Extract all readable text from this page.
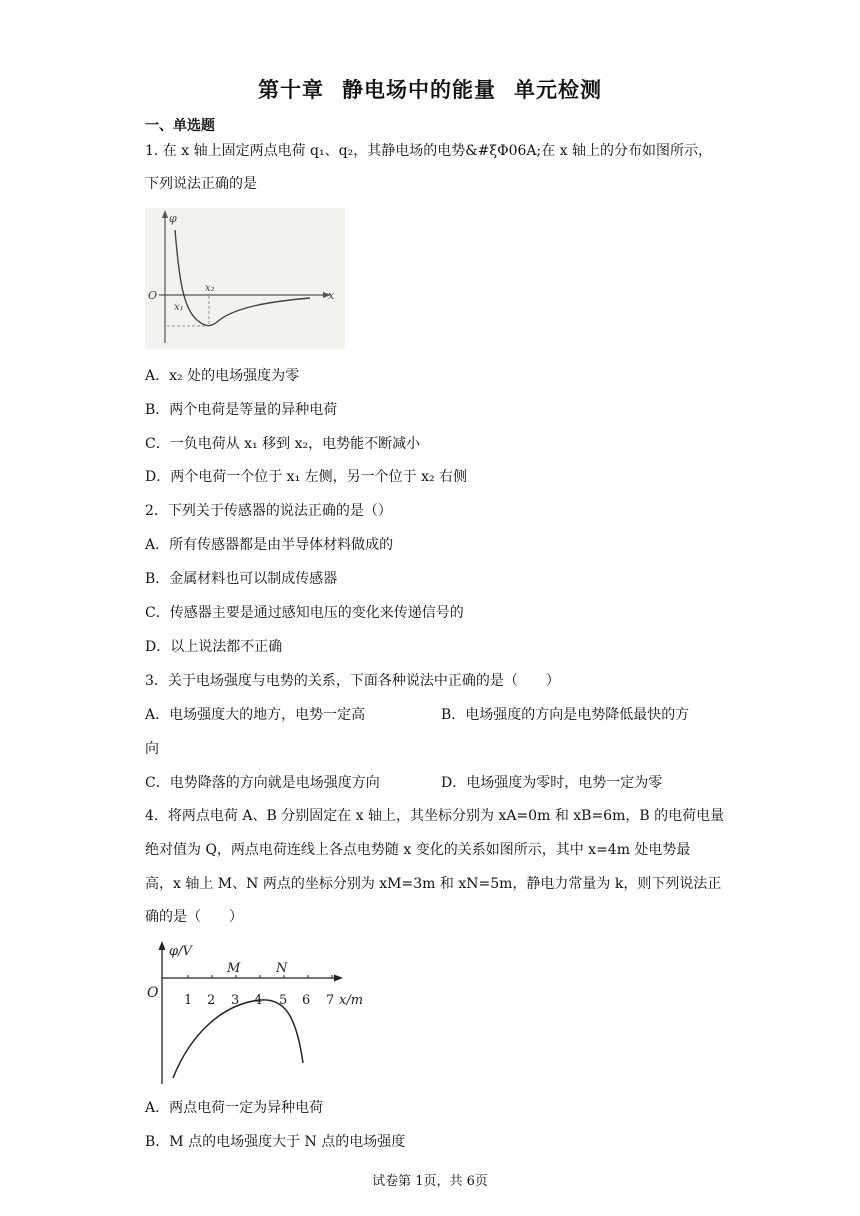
第十章 静电场中的能量 单元检测
一、单选题
1. 在 x 轴上固定两点电荷 q₁、q₂，其静电场的电势&#ξΦ06A;在 x 轴上的分布如图所示，
下列说法正确的是
φ
x
O
x₁
x₂
A．x₂ 处的电场强度为零
B．两个电荷是等量的异种电荷
C．一负电荷从 x₁ 移到 x₂，电势能不断减小
D．两个电荷一个位于 x₁ 左侧，另一个位于 x₂ 右侧
2．下列关于传感器的说法正确的是（）
A．所有传感器都是由半导体材料做成的
B．金属材料也可以制成传感器
C．传感器主要是通过感知电压的变化来传递信号的
D．以上说法都不正确
3．关于电场强度与电势的关系，下面各种说法中正确的是（　　）
A．电场强度大的地方，电势一定高	B．电场强度的方向是电势降低最快的方
向
C．电势降落的方向就是电场强度方向	D．电场强度为零时，电势一定为零
4．将两点电荷 A、B 分别固定在 x 轴上，其坐标分别为 xA=0m 和 xB=6m，B 的电荷电量
绝对值为 Q，两点电荷连线上各点电势随 x 变化的关系如图所示，其中 x=4m 处电势最
高，x 轴上 M、N 两点的坐标分别为 xM=3m 和 xN=5m，静电力常量为 k，则下列说法正
确的是（　　）
1 2 3 4 5 6 7 x/m
O
φ/V
M	N
A．两点电荷一定为异种电荷
B．M 点的电场强度大于 N 点的电场强度
试卷第 1页，共 6页
